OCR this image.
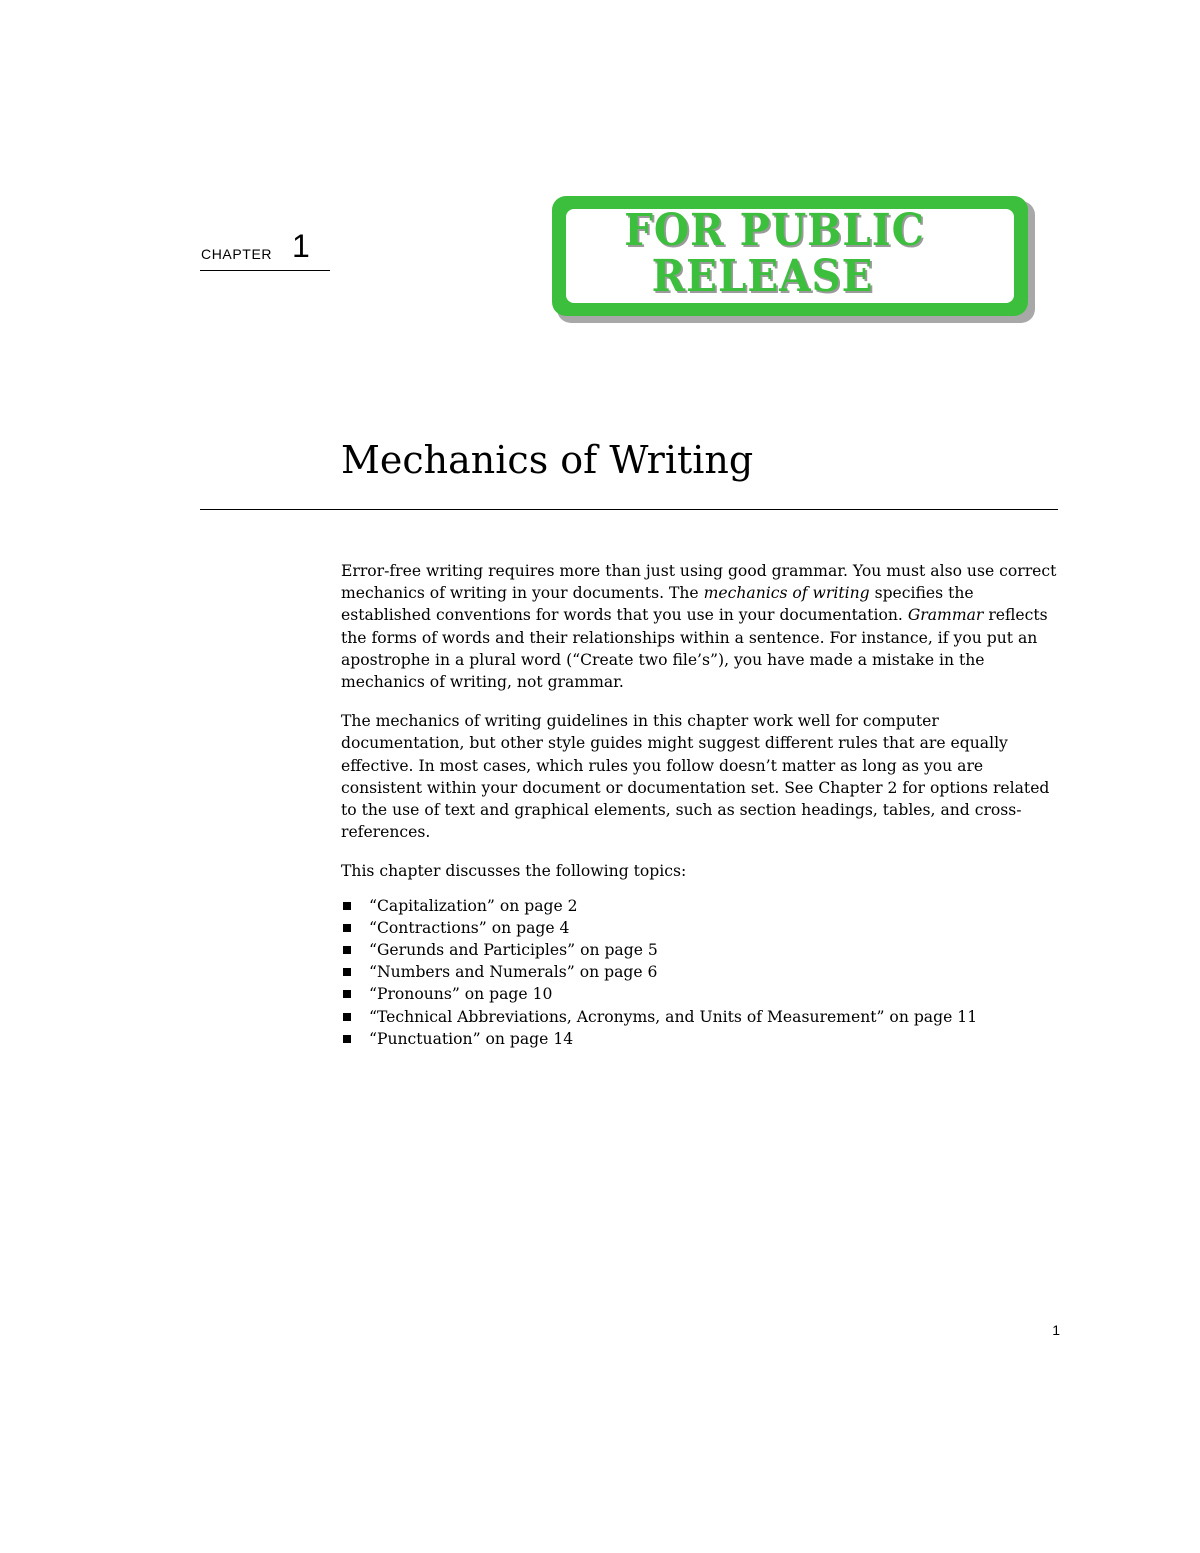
CHAPTER 1	FOR PUBLIC
RELEASE
Mechanics of Writing

Error-free writing requires more than just using good grammar. You must also use correct mechanics of writing in your documents. The mechanics of writing specifies the established conventions for words that you use in your documentation. Grammar reflects the forms of words and their relationships within a sentence. For instance, if you put an apostrophe in a plural word (“Create two file’s”), you have made a mistake in the mechanics of writing, not grammar.

The mechanics of writing guidelines in this chapter work well for computer documentation, but other style guides might suggest different rules that are equally effective. In most cases, which rules you follow doesn’t matter as long as you are consistent within your document or documentation set. See Chapter 2 for options related to the use of text and graphical elements, such as section headings, tables, and cross-references.

This chapter discusses the following topics:

“Capitalization” on page 2
“Contractions” on page 4
“Gerunds and Participles” on page 5
“Numbers and Numerals” on page 6
“Pronouns” on page 10
“Technical Abbreviations, Acronyms, and Units of Measurement” on page 11
“Punctuation” on page 14
1
